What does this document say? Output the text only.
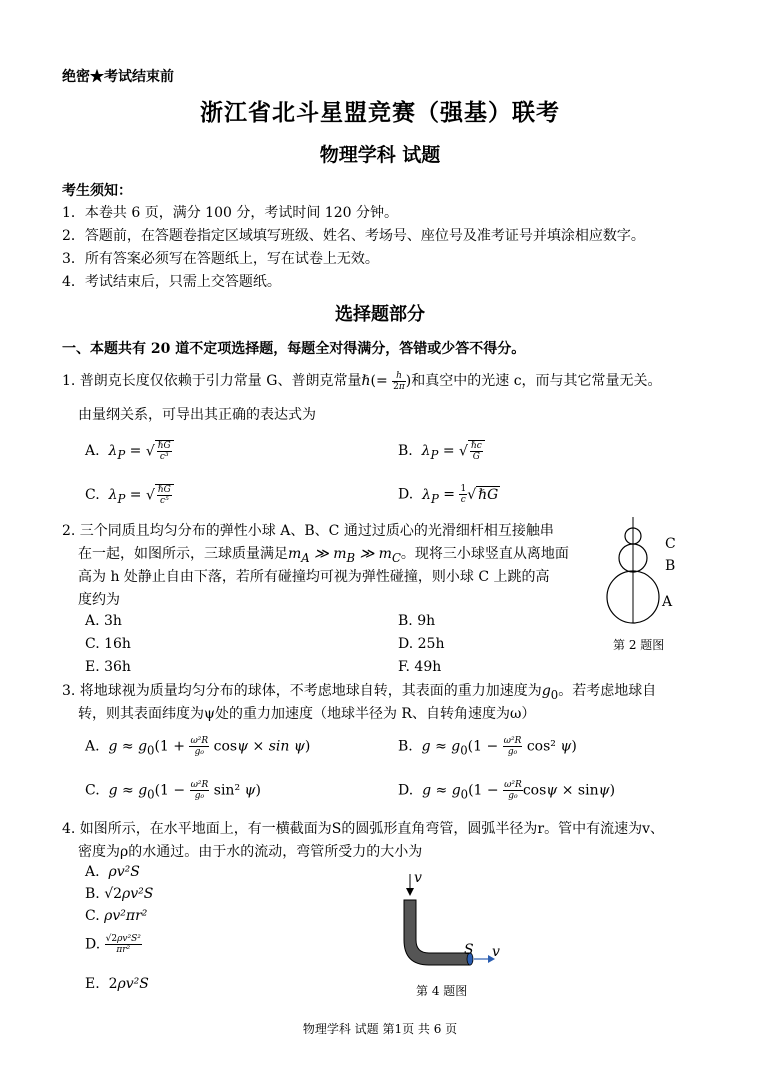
绝密★考试结束前
浙江省北斗星盟竞赛（强基）联考
物理学科 试题
考生须知：
1．本卷共 6 页，满分 100 分，考试时间 120 分钟。
2．答题前，在答题卷指定区域填写班级、姓名、考场号、座位号及准考证号并填涂相应数字。
3．所有答案必须写在答题纸上，写在试卷上无效。
4．考试结束后，只需上交答题纸。
选择题部分
一、本题共有 20 道不定项选择题，每题全对得满分，答错或少答不得分。
1. 普朗克长度仅依赖于引力常量 G、普朗克常量ℏ(= $\frac{h}{2\pi}$ )和真空中的光速 c，而与其它常量无关。
由量纲关系，可导出其正确的表达式为
A. $\lambda_P$ = √ $\frac{\text{ℏG}}{\text{c³}}$	B. $\lambda_P$ = √ $\frac{\text{ℏc}}{G}$
C. $\lambda_P$ = √ $\frac{\text{ℏG}}{\text{c⁵}}$	D. $\lambda_P = \frac{1}{c}$ √ ℏG
2. 三个同质且均匀分布的弹性小球 A、B、C 通过过质心的光滑细杆相互接触串
在一起，如图所示，三球质量满足$m_A$ ≫ $m_B$ ≫ $m_C$。现将三小球竖直从离地面
高为 h 处静止自由下落，若所有碰撞均可视为弹性碰撞，则小球 C 上跳的高
度约为
A. 3h	B. 9h
C. 16h	D. 25h
E. 36h	F. 49h
C
B
A
第 2 题图
3. 将地球视为质量均匀分布的球体，不考虑地球自转，其表面的重力加速度为$g_0$。若考虑地球自
转，则其表面纬度为ψ处的重力加速度（地球半径为 R、自转角速度为ω）
A. $g \approx g_0(1 + \frac{\text{ω²R}}{\text{g₀}}$ cosψ × sin ψ)	B. $g \approx g_0(1 - \frac{\text{ω²R}}{\text{g₀}} \cos^2$ ψ)
C. $g \approx g_0(1 - \frac{\text{ω²R}}{\text{g₀}} \sin^2$ ψ)	D. $g \approx g_0(1 - \frac{\text{ω²R}}{\text{g₀}}$ cosψ × sinψ)
4. 如图所示，在水平地面上，有一横截面为S的圆弧形直角弯管，圆弧半径为r。管中有流速为v、
密度为ρ的水通过。由于水的流动，弯管所受力的大小为
A. ρv²S
B. √2ρv²S
C. ρv²πr²
D. $\frac{\text{√2ρv²S²}}{\text{πr²}}$
E.  2ρv²S
v
S v
第 4 题图
物理学科 试题 第1页 共 6 页
